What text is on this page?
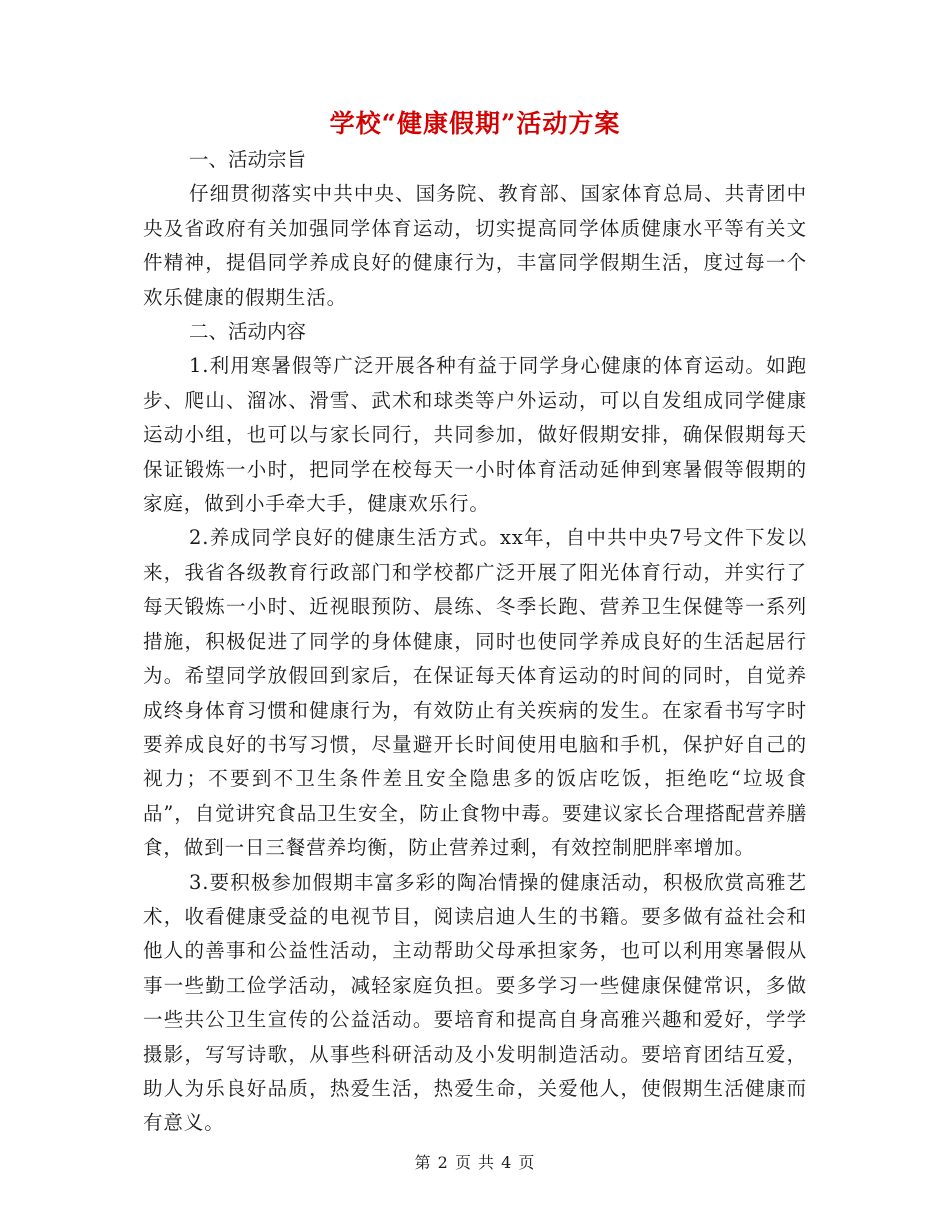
学校“健康假期”活动方案

一、活动宗旨

仔细贯彻落实中共中央、国务院、教育部、国家体育总局、共青团中央及省政府有关加强同学体育运动，切实提高同学体质健康水平等有关文件精神，提倡同学养成良好的健康行为，丰富同学假期生活，度过每一个欢乐健康的假期生活。

二、活动内容

1.利用寒暑假等广泛开展各种有益于同学身心健康的体育运动。如跑步、爬山、溜冰、滑雪、武术和球类等户外运动，可以自发组成同学健康运动小组，也可以与家长同行，共同参加，做好假期安排，确保假期每天保证锻炼一小时，把同学在校每天一小时体育活动延伸到寒暑假等假期的家庭，做到小手牵大手，健康欢乐行。

2.养成同学良好的健康生活方式。xx年，自中共中央7号文件下发以来，我省各级教育行政部门和学校都广泛开展了阳光体育行动，并实行了每天锻炼一小时、近视眼预防、晨练、冬季长跑、营养卫生保健等一系列措施，积极促进了同学的身体健康，同时也使同学养成良好的生活起居行为。希望同学放假回到家后，在保证每天体育运动的时间的同时，自觉养成终身体育习惯和健康行为，有效防止有关疾病的发生。在家看书写字时要养成良好的书写习惯，尽量避开长时间使用电脑和手机，保护好自己的视力；不要到不卫生条件差且安全隐患多的饭店吃饭，拒绝吃“垃圾食品”，自觉讲究食品卫生安全，防止食物中毒。要建议家长合理搭配营养膳食，做到一日三餐营养均衡，防止营养过剩，有效控制肥胖率增加。

3.要积极参加假期丰富多彩的陶冶情操的健康活动，积极欣赏高雅艺术，收看健康受益的电视节目，阅读启迪人生的书籍。要多做有益社会和他人的善事和公益性活动，主动帮助父母承担家务，也可以利用寒暑假从事一些勤工俭学活动，减轻家庭负担。要多学习一些健康保健常识，多做一些共公卫生宣传的公益活动。要培育和提高自身高雅兴趣和爱好，学学摄影，写写诗歌，从事些科研活动及小发明制造活动。要培育团结互爱，助人为乐良好品质，热爱生活，热爱生命，关爱他人，使假期生活健康而有意义。

第 2 页 共 4 页
